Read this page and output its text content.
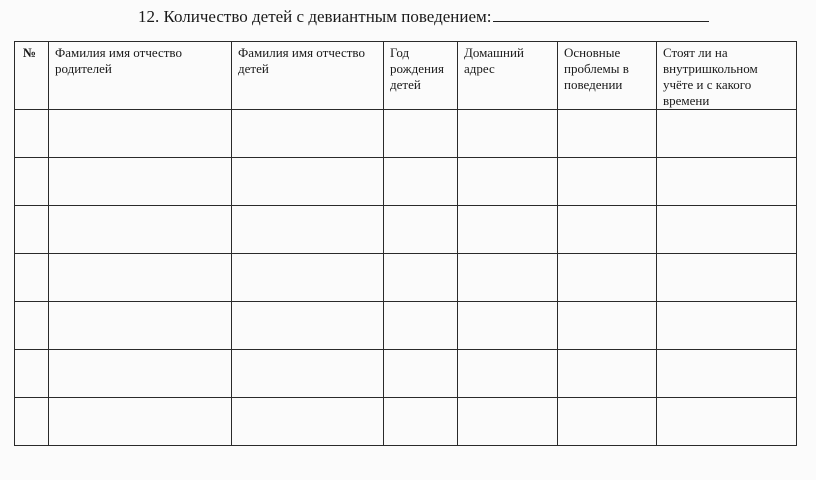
12. Количество детей с девиантным поведением:
№	Фамилия имя отчество родителей	Фамилия имя отчество детей	Год рождения детей	Домашний адрес	Основные проблемы в поведении	Стоят ли на внутришкольном учёте и с какого времени
